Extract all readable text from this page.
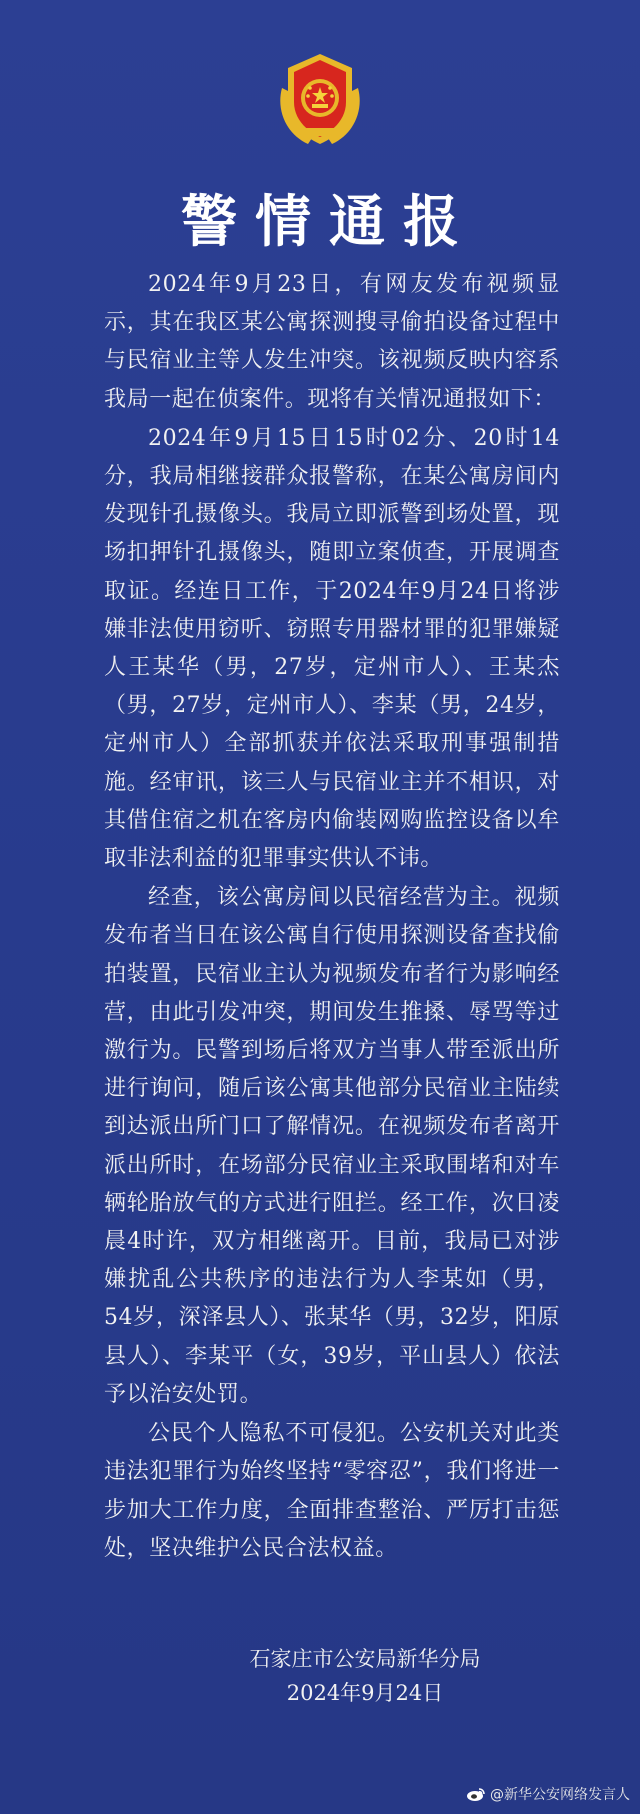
警情通报

2024年9月23日，有网友发布视频显示，其在我区某公寓探测搜寻偷拍设备过程中与民宿业主等人发生冲突。该视频反映内容系我局一起在侦案件。现将有关情况通报如下：

2024年9月15日15时02分、20时14分，我局相继接群众报警称，在某公寓房间内发现针孔摄像头。我局立即派警到场处置，现场扣押针孔摄像头，随即立案侦查，开展调查取证。经连日工作，于2024年9月24日将涉嫌非法使用窃听、窃照专用器材罪的犯罪嫌疑人王某华（男，27岁，定州市人）、王某杰（男，27岁，定州市人）、李某（男，24岁，定州市人）全部抓获并依法采取刑事强制措施。经审讯，该三人与民宿业主并不相识，对其借住宿之机在客房内偷装网购监控设备以牟取非法利益的犯罪事实供认不讳。

经查，该公寓房间以民宿经营为主。视频发布者当日在该公寓自行使用探测设备查找偷拍装置，民宿业主认为视频发布者行为影响经营，由此引发冲突，期间发生推搡、辱骂等过激行为。民警到场后将双方当事人带至派出所进行询问，随后该公寓其他部分民宿业主陆续到达派出所门口了解情况。在视频发布者离开派出所时，在场部分民宿业主采取围堵和对车辆轮胎放气的方式进行阻拦。经工作，次日凌晨4时许，双方相继离开。目前，我局已对涉嫌扰乱公共秩序的违法行为人李某如（男，54岁，深泽县人）、张某华（男，32岁，阳原县人）、李某平（女，39岁，平山县人）依法予以治安处罚。

公民个人隐私不可侵犯。公安机关对此类违法犯罪行为始终坚持“零容忍”，我们将进一步加大工作力度，全面排查整治、严厉打击惩处，坚决维护公民合法权益。

石家庄市公安局新华分局
2024年9月24日
@新华公安网络发言人
